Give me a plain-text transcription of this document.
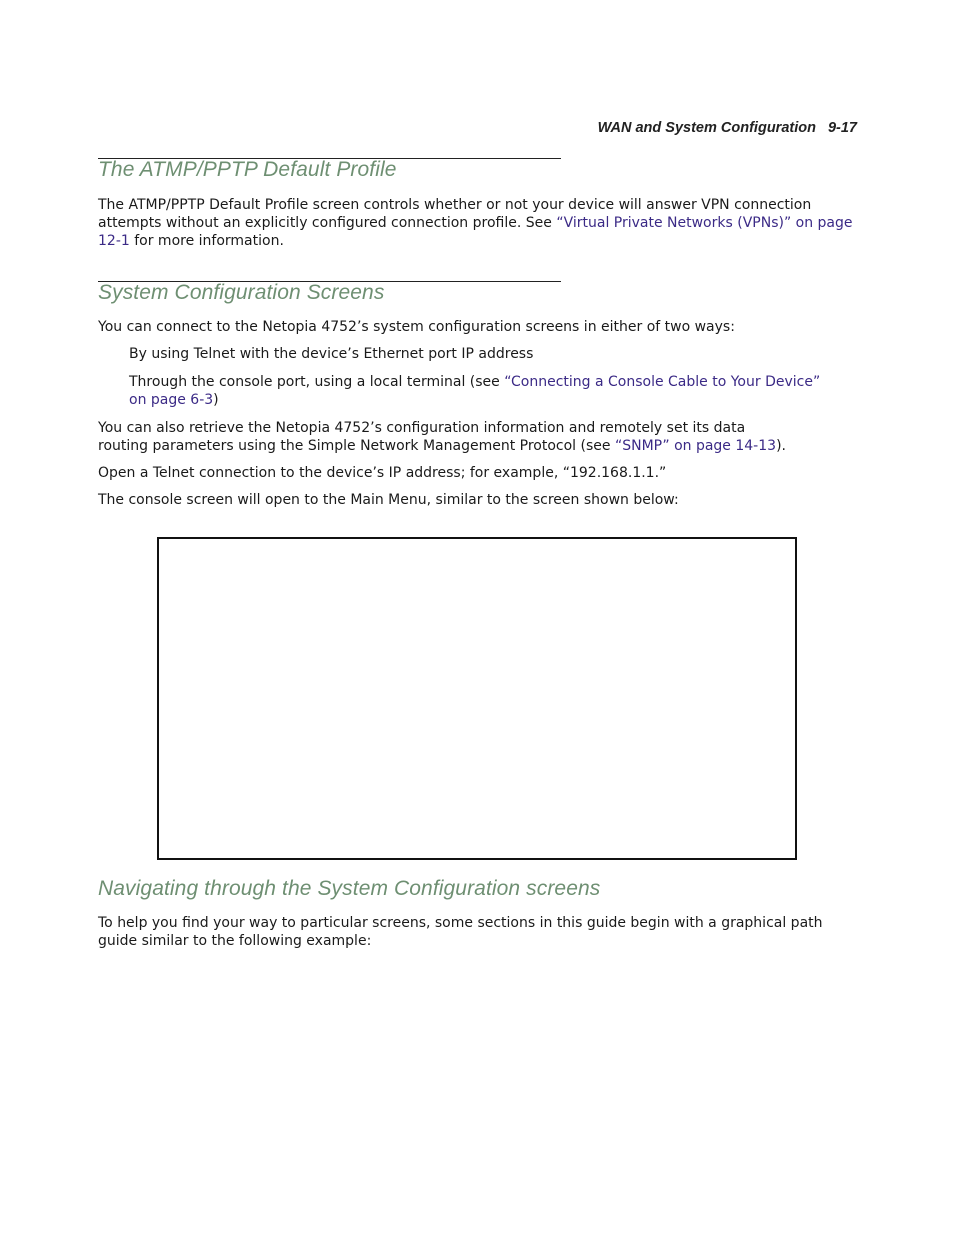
WAN and System Configuration 9-17
The ATMP/PPTP Default Profile

The ATMP/PPTP Default Profile screen controls whether or not your device will answer VPN connection attempts without an explicitly configured connection profile. See “Virtual Private Networks (VPNs)” on page 12-1 for more information.

System Configuration Screens

You can connect to the Netopia 4752’s system configuration screens in either of two ways:

By using Telnet with the device’s Ethernet port IP address

Through the console port, using a local terminal (see “Connecting a Console Cable to Your Device” on page 6-3)

You can also retrieve the Netopia 4752’s configuration information and remotely set its data routing parameters using the Simple Network Management Protocol (see “SNMP” on page 14-13).

Open a Telnet connection to the device’s IP address; for example, “192.168.1.1.”

The console screen will open to the Main Menu, similar to the screen shown below:

Navigating through the System Configuration screens

To help you find your way to particular screens, some sections in this guide begin with a graphical path guide similar to the following example:
